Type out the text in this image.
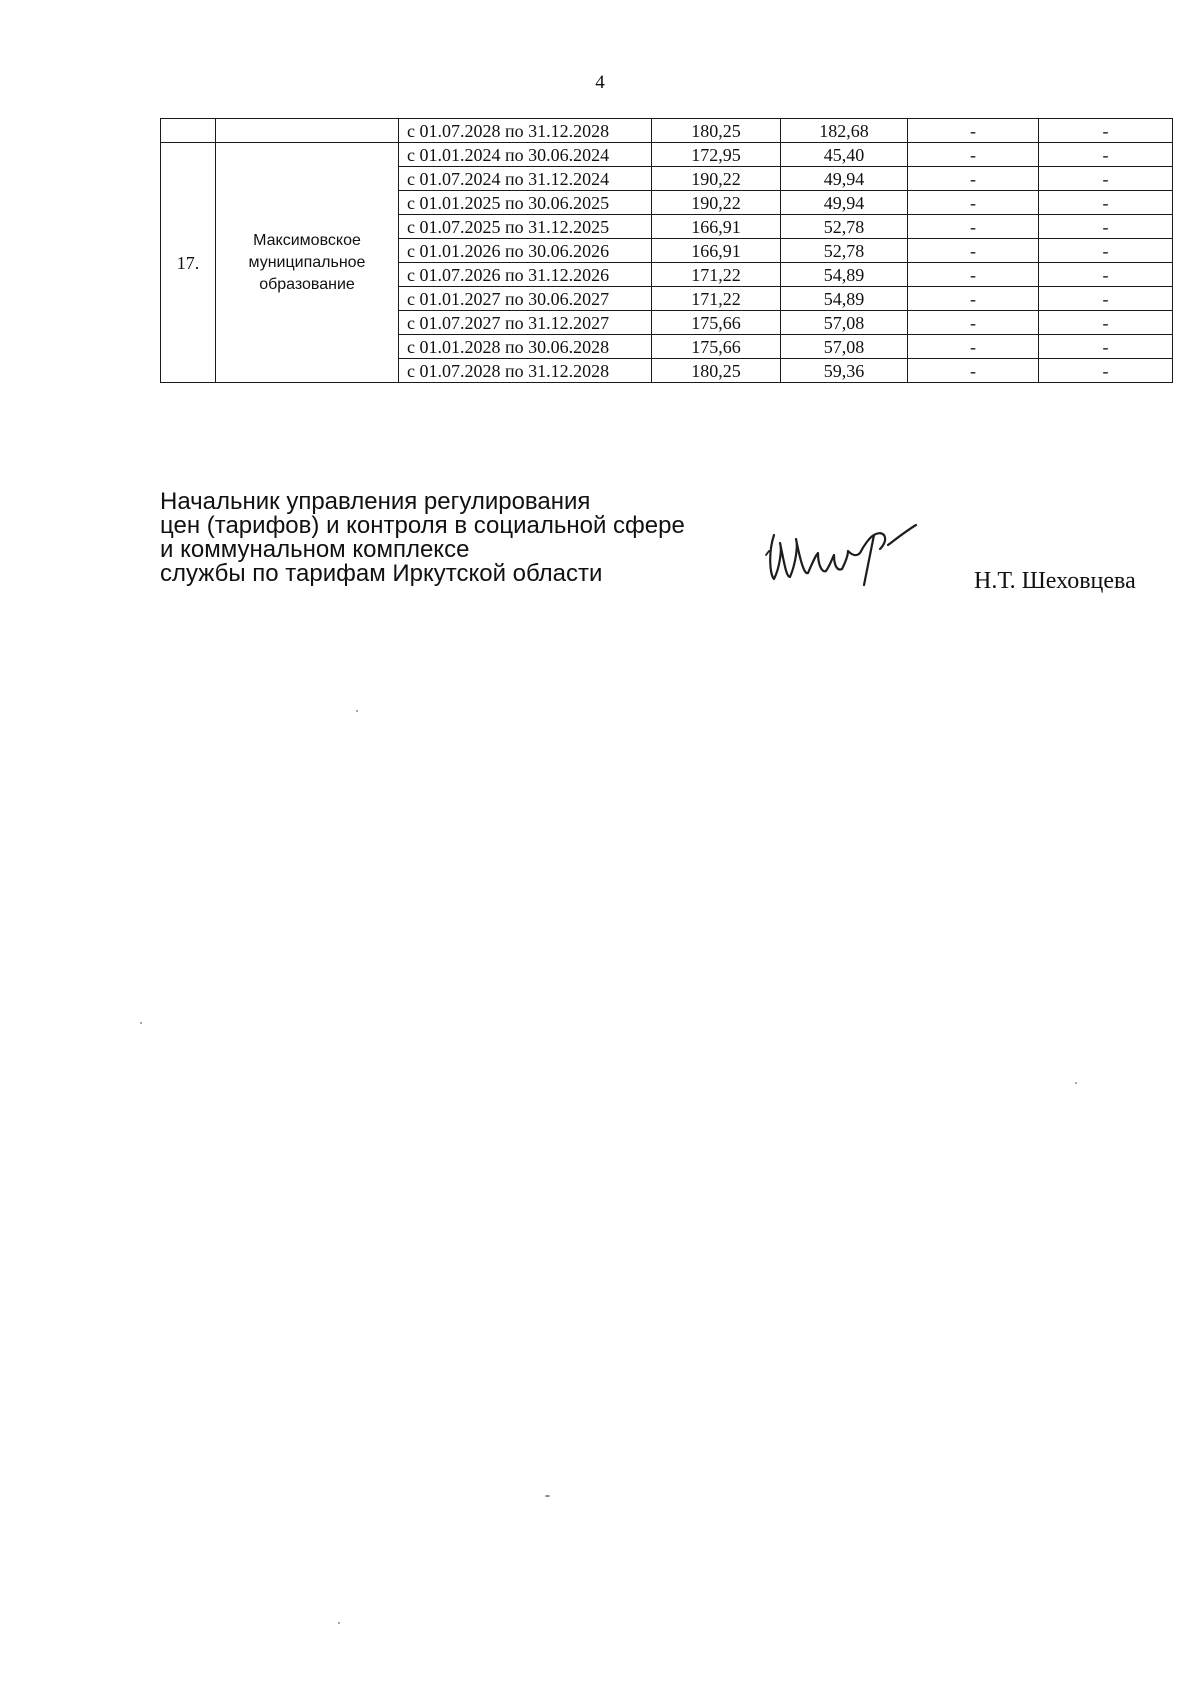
4
		с 01.07.2028 по 31.12.2028	180,25	182,68	-	-
17.	Максимовское муниципальное образование	с 01.01.2024 по 30.06.2024	172,95	45,40	-	-
		с 01.07.2024 по 31.12.2024	190,22	49,94	-	-
		с 01.01.2025 по 30.06.2025	190,22	49,94	-	-
		с 01.07.2025 по 31.12.2025	166,91	52,78	-	-
		с 01.01.2026 по 30.06.2026	166,91	52,78	-	-
		с 01.07.2026 по 31.12.2026	171,22	54,89	-	-
		с 01.01.2027 по 30.06.2027	171,22	54,89	-	-
		с 01.07.2027 по 31.12.2027	175,66	57,08	-	-
		с 01.01.2028 по 30.06.2028	175,66	57,08	-	-
		с 01.07.2028 по 31.12.2028	180,25	59,36	-	-
Начальник управления регулирования
цен (тарифов) и контроля в социальной сфере
и коммунальном комплексе
службы по тарифам Иркутской области	Н.Т. Шеховцева
